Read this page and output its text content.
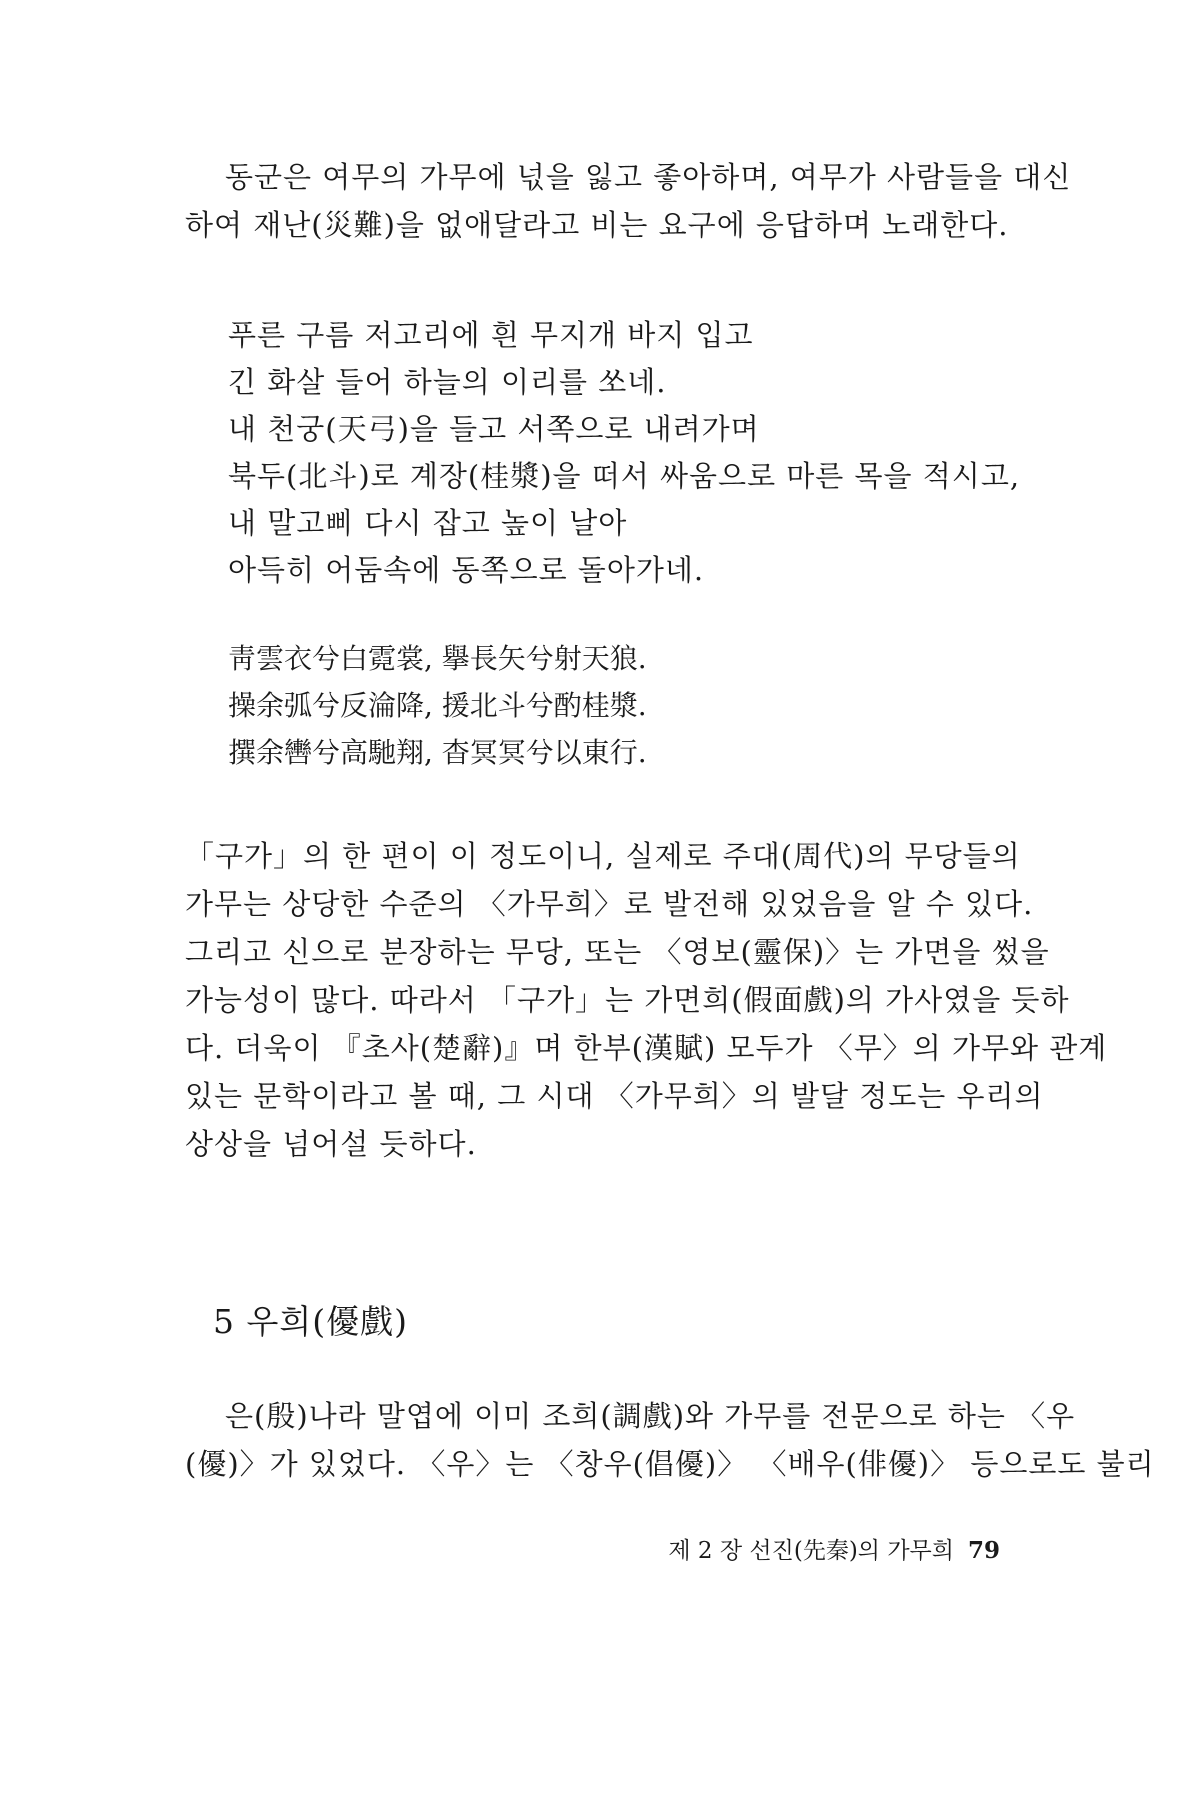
동군은 여무의 가무에 넋을 잃고 좋아하며, 여무가 사람들을 대신
하여 재난(災難)을 없애달라고 비는 요구에 응답하며 노래한다.

푸른 구름 저고리에 흰 무지개 바지 입고
긴 화살 들어 하늘의 이리를 쏘네.
내 천궁(天弓)을 들고 서쪽으로 내려가며
북두(北斗)로 계장(桂漿)을 떠서 싸움으로 마른 목을 적시고,
내 말고삐 다시 잡고 높이 날아
아득히 어둠속에 동쪽으로 돌아가네.
靑雲衣兮白霓裳, 擧長矢兮射天狼.
操余弧兮反淪降, 援北斗兮酌桂漿.
撰余轡兮高馳翔, 杳冥冥兮以東行.

「구가」의 한 편이 이 정도이니, 실제로 주대(周代)의 무당들의
가무는 상당한 수준의 〈가무희〉로 발전해 있었음을 알 수 있다.
그리고 신으로 분장하는 무당, 또는 〈영보(靈保)〉는 가면을 썼을
가능성이 많다. 따라서 「구가」는 가면희(假面戲)의 가사였을 듯하
다. 더욱이 『초사(楚辭)』며 한부(漢賦) 모두가 〈무〉의 가무와 관계
있는 문학이라고 볼 때, 그 시대 〈가무희〉의 발달 정도는 우리의
상상을 넘어설 듯하다.

5 우희(優戲)

은(殷)나라 말엽에 이미 조희(調戲)와 가무를 전문으로 하는 〈우
(優)〉가 있었다. 〈우〉는 〈창우(倡優)〉 〈배우(俳優)〉 등으로도 불리

제 2 장 선진(先秦)의 가무희 79
